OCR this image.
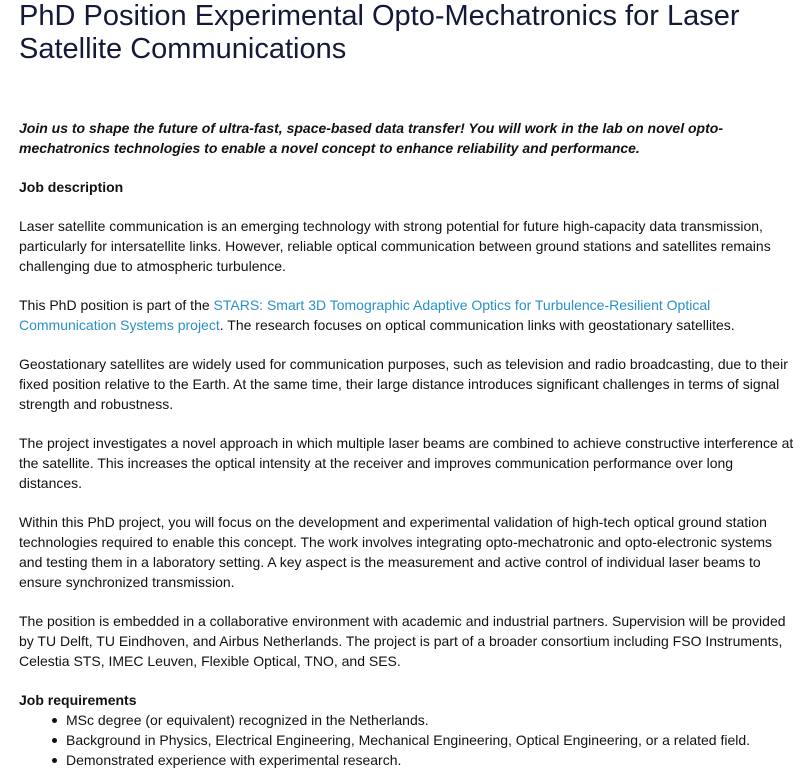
PhD Position Experimental Opto-Mechatronics for Laser Satellite Communications

Join us to shape the future of ultra-fast, space-based data transfer! You will work in the lab on novel opto-mechatronics technologies to enable a novel concept to enhance reliability and performance.

Job description

Laser satellite communication is an emerging technology with strong potential for future high-capacity data transmission, particularly for intersatellite links. However, reliable optical communication between ground stations and satellites remains challenging due to atmospheric turbulence.

This PhD position is part of the STARS: Smart 3D Tomographic Adaptive Optics for Turbulence-Resilient Optical Communication Systems project. The research focuses on optical communication links with geostationary satellites.

Geostationary satellites are widely used for communication purposes, such as television and radio broadcasting, due to their fixed position relative to the Earth. At the same time, their large distance introduces significant challenges in terms of signal strength and robustness.

The project investigates a novel approach in which multiple laser beams are combined to achieve constructive interference at the satellite. This increases the optical intensity at the receiver and improves communication performance over long distances.

Within this PhD project, you will focus on the development and experimental validation of high-tech optical ground station technologies required to enable this concept. The work involves integrating opto-mechatronic and opto-electronic systems and testing them in a laboratory setting. A key aspect is the measurement and active control of individual laser beams to ensure synchronized transmission.

The position is embedded in a collaborative environment with academic and industrial partners. Supervision will be provided by TU Delft, TU Eindhoven, and Airbus Netherlands. The project is part of a broader consortium including FSO Instruments, Celestia STS, IMEC Leuven, Flexible Optical, TNO, and SES.

Job requirements
MSc degree (or equivalent) recognized in the Netherlands.
Background in Physics, Electrical Engineering, Mechanical Engineering, Optical Engineering, or a related field.
Demonstrated experience with experimental research.
